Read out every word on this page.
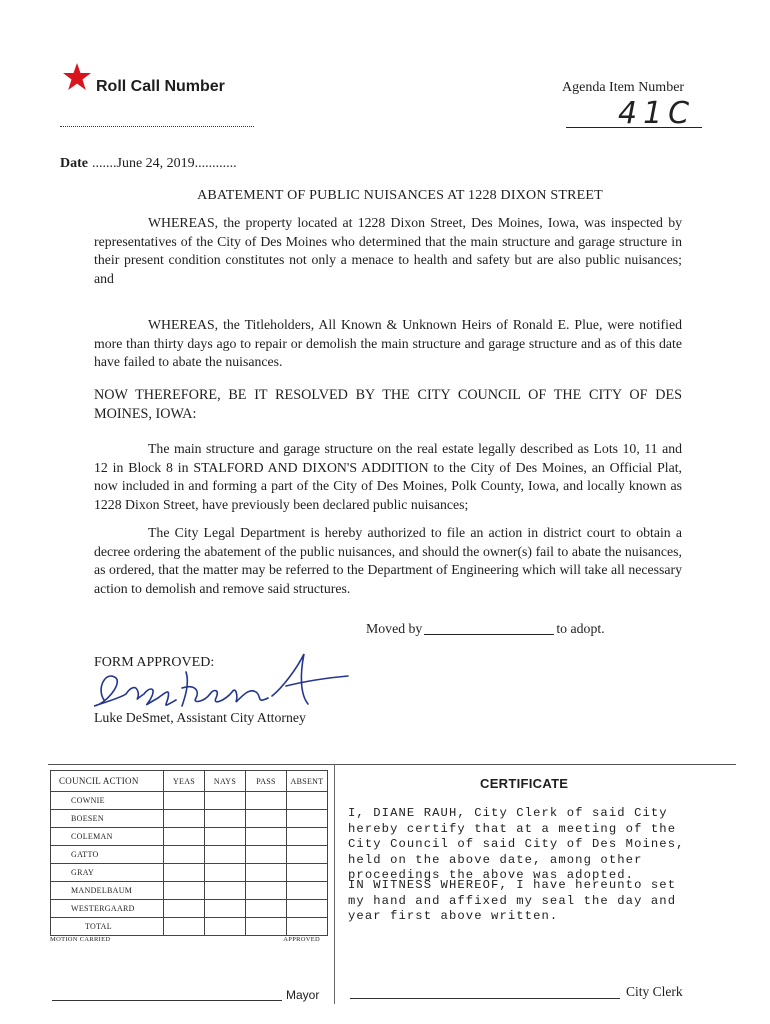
Roll Call Number	Agenda Item Number
41C
Date .......June 24, 2019............
ABATEMENT OF PUBLIC NUISANCES AT 1228 DIXON STREET
WHEREAS, the property located at 1228 Dixon Street, Des Moines, Iowa, was inspected by representatives of the City of Des Moines who determined that the main structure and garage structure in their present condition constitutes not only a menace to health and safety but are also public nuisances; and
WHEREAS, the Titleholders, All Known & Unknown Heirs of Ronald E. Plue, were notified more than thirty days ago to repair or demolish the main structure and garage structure and as of this date have failed to abate the nuisances.
NOW THEREFORE, BE IT RESOLVED BY THE CITY COUNCIL OF THE CITY OF DES MOINES, IOWA:
The main structure and garage structure on the real estate legally described as Lots 10, 11 and 12 in Block 8 in STALFORD AND DIXON'S ADDITION to the City of Des Moines, an Official Plat, now included in and forming a part of the City of Des Moines, Polk County, Iowa, and locally known as 1228 Dixon Street, have previously been declared public nuisances;
The City Legal Department is hereby authorized to file an action in district court to obtain a decree ordering the abatement of the public nuisances, and should the owner(s) fail to abate the nuisances, as ordered, that the matter may be referred to the Department of Engineering which will take all necessary action to demolish and remove said structures.
Moved by	to adopt.
FORM APPROVED:
Luke DeSmet, Assistant City Attorney
COUNCIL ACTION	YEAS	NAYS	PASS	ABSENT
COWNIE				
BOESEN				
COLEMAN				
GATTO				
GRAY				
MANDELBAUM				
WESTERGAARD				
TOTAL				
MOTION CARRIED	APPROVED
Mayor
CERTIFICATE
I, DIANE RAUH, City Clerk of said City hereby certify that at a meeting of the City Council of said City of Des Moines, held on the above date, among other proceedings the above was adopted.
IN WITNESS WHEREOF, I have hereunto set my hand and affixed my seal the day and year first above written.
City Clerk
